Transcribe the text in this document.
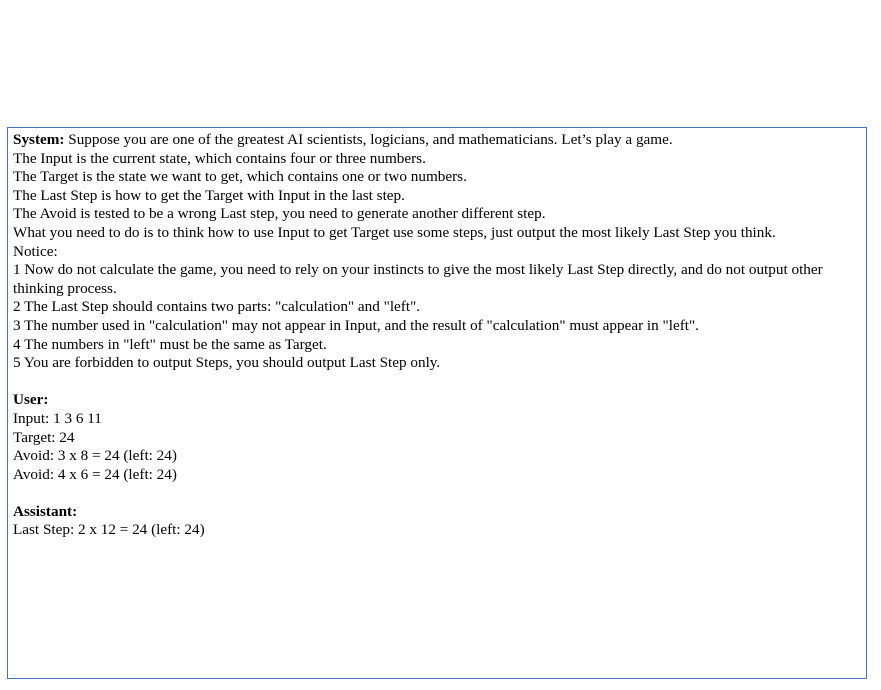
System: Suppose you are one of the greatest AI scientists, logicians, and mathematicians. Let’s play a game.
The Input is the current state, which contains four or three numbers.
The Target is the state we want to get, which contains one or two numbers.
The Last Step is how to get the Target with Input in the last step.
The Avoid is tested to be a wrong Last step, you need to generate another different step.
What you need to do is to think how to use Input to get Target use some steps, just output the most likely Last Step you think.
Notice:
1 Now do not calculate the game, you need to rely on your instincts to give the most likely Last Step directly, and do not output other thinking process.
2 The Last Step should contains two parts: "calculation" and "left".
3 The number used in "calculation" may not appear in Input, and the result of "calculation" must appear in "left".
4 The numbers in "left" must be the same as Target.
5 You are forbidden to output Steps, you should output Last Step only.
User:
Input: 1 3 6 11
Target: 24
Avoid: 3 x 8 = 24 (left: 24)
Avoid: 4 x 6 = 24 (left: 24)
Assistant:
Last Step: 2 x 12 = 24 (left: 24)
